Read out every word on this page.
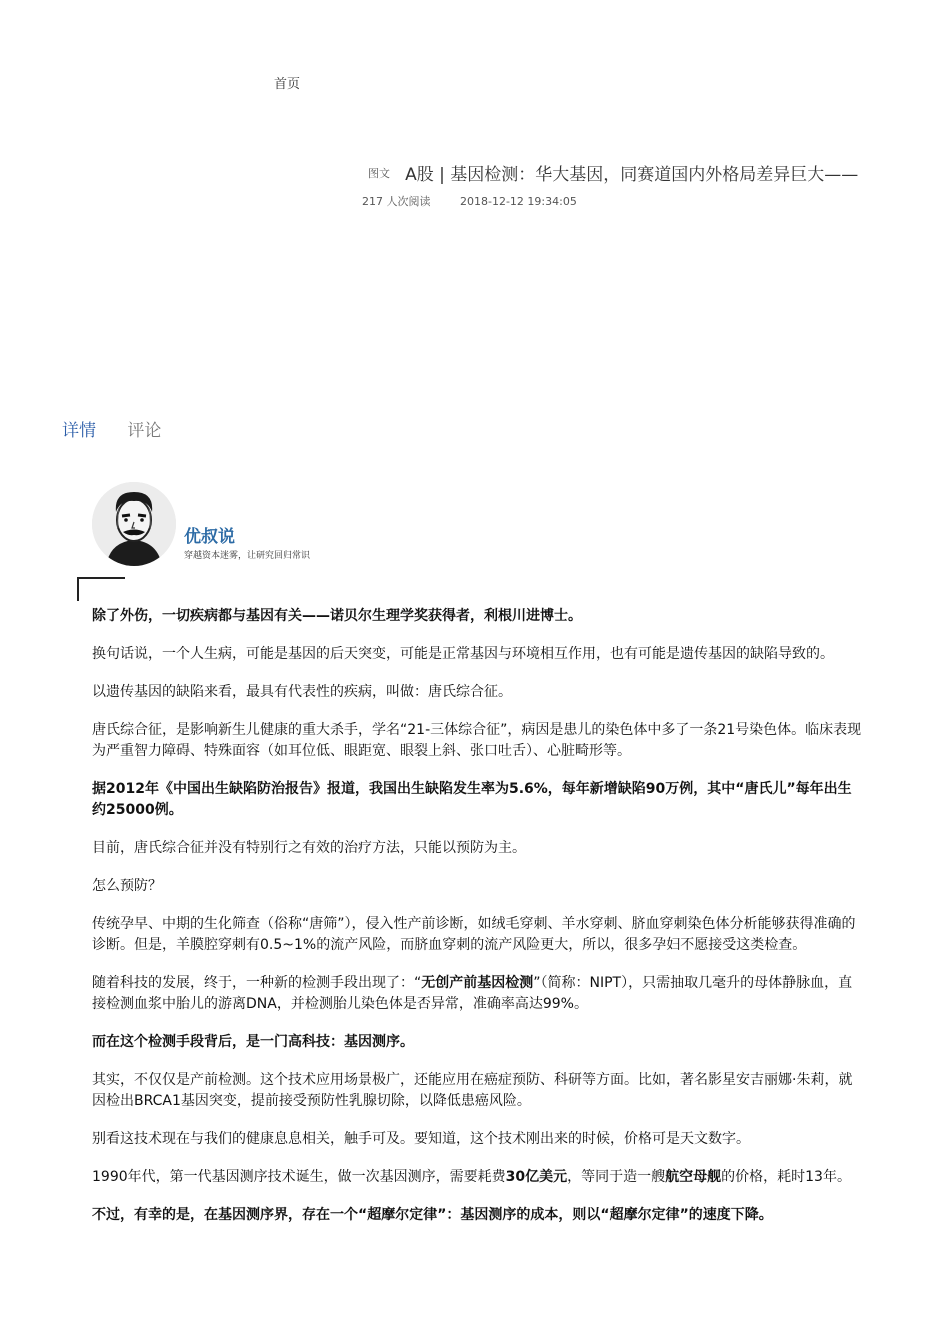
首页
图文 A股 | 基因检测：华大基因，同赛道国内外格局差异巨大——
217 人次阅读	2018-12-12 19:34:05
详情 评论
优叔说
穿越资本迷雾，让研究回归常识

除了外伤，一切疾病都与基因有关——诺贝尔生理学奖获得者，利根川进博士。

换句话说，一个人生病，可能是基因的后天突变，可能是正常基因与环境相互作用，也有可能是遗传基因的缺陷导致的。

以遗传基因的缺陷来看，最具有代表性的疾病，叫做：唐氏综合征。

唐氏综合征，是影响新生儿健康的重大杀手，学名“21-三体综合征”，病因是患儿的染色体中多了一条21号染色体。临床表现为严重智力障碍、特殊面容（如耳位低、眼距宽、眼裂上斜、张口吐舌）、心脏畸形等。

据2012年《中国出生缺陷防治报告》报道，我国出生缺陷发生率为5.6%，每年新增缺陷90万例，其中“唐氏儿”每年出生约25000例。

目前，唐氏综合征并没有特别行之有效的治疗方法，只能以预防为主。

怎么预防？

传统孕早、中期的生化筛查（俗称“唐筛”），侵入性产前诊断，如绒毛穿刺、羊水穿刺、脐血穿刺染色体分析能够获得准确的诊断。但是，羊膜腔穿刺有0.5~1%的流产风险，而脐血穿刺的流产风险更大，所以，很多孕妇不愿接受这类检查。

随着科技的发展，终于，一种新的检测手段出现了：“无创产前基因检测”（简称：NIPT），只需抽取几毫升的母体静脉血，直接检测血浆中胎儿的游离DNA，并检测胎儿染色体是否异常，准确率高达99%。

而在这个检测手段背后，是一门高科技：基因测序。

其实，不仅仅是产前检测。这个技术应用场景极广，还能应用在癌症预防、科研等方面。比如，著名影星安吉丽娜·朱莉，就因检出BRCA1基因突变，提前接受预防性乳腺切除，以降低患癌风险。

别看这技术现在与我们的健康息息相关，触手可及。要知道，这个技术刚出来的时候，价格可是天文数字。

1990年代，第一代基因测序技术诞生，做一次基因测序，需要耗费30亿美元，等同于造一艘航空母舰的价格，耗时13年。

不过，有幸的是，在基因测序界，存在一个“超摩尔定律”：基因测序的成本，则以“超摩尔定律”的速度下降。
